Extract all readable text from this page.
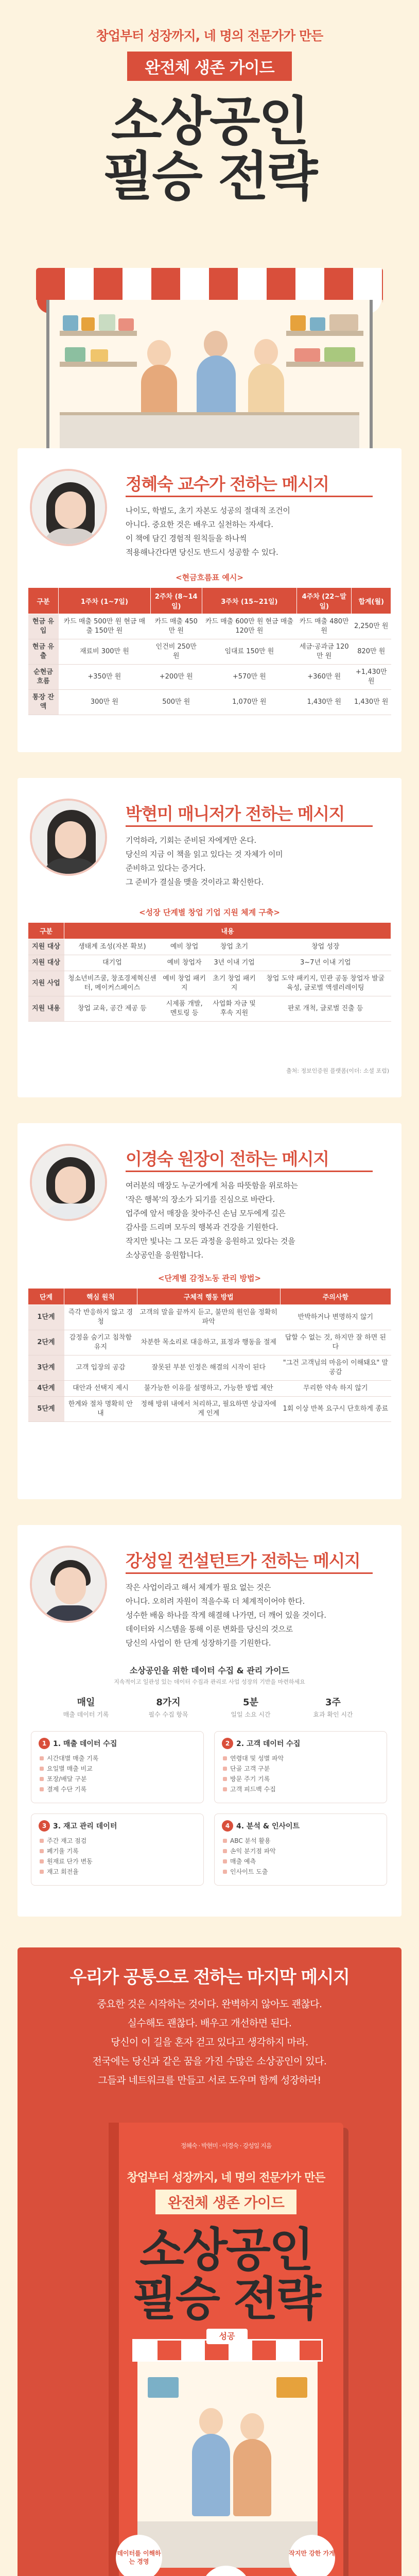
창업부터 성장까지, 네 명의 전문가가 만든
완전체 생존 가이드
소상공인
필승 전략
정혜숙 교수가 전하는 메시지
나이도, 학벌도, 초기 자본도 성공의 절대적 조건이
아니다. 중요한 것은 배우고 실천하는 자세다.
이 책에 담긴 경험적 원칙들을 하나씩
적용해나간다면 당신도 반드시 성공할 수 있다.
<현금흐름표 예시>
구분	1주차 (1~7일)	2주차 (8~14일)	3주차 (15~21일)	4주차 (22~말일)	합계(월)
현금 유입	카드 매출 500만 원 현금 매출 150만 원	카드 매출 450만 원	카드 매출 600만 원 현금 매출 120만 원	카드 매출 480만 원	2,250만 원
현금 유출	재료비 300만 원	인건비 250만 원	임대료 150만 원	세금·공과금 120만 원	820만 원
순현금 흐름	+350만 원	+200만 원	+570만 원	+360만 원	+1,430만 원
통장 잔액	300만 원	500만 원	1,070만 원	1,430만 원	1,430만 원
박현미 매니저가 전하는 메시지
기억하라, 기회는 준비된 자에게만 온다.
당신의 지금 이 책을 읽고 있다는 것 자체가 이미
준비하고 있다는 증거다.
그 준비가 결실을 맺을 것이라고 확신한다.
<성장 단계별 창업 기업 지원 체계 구축>
구분	내용			
지원 대상	생태계 조성(자본 확보)	예비 창업	창업 초기	창업 성장
지원 대상	대기업	예비 창업자	3년 이내 기업	3~7년 이내 기업
지원 사업	청소년비즈쿨, 창조경제혁신센터, 메이커스페이스	예비 창업 패키지	초기 창업 패키지	창업 도약 패키지, 민관 공동 창업자 발굴 육성, 글로벌 액셀러레이팅
지원 내용	창업 교육, 공간 제공 등	시제품 개발, 멘토링 등	사업화 자금 및 후속 지원	판로 개척, 글로벌 진출 등
출처: 정보인증원 플랫폼(이더: 소셜 포럼)
이경숙 원장이 전하는 메시지
여러분의 매장도 누군가에게 처음 따뜻함을 위로하는
'작은 행복'의 장소가 되기를 진심으로 바란다.
업주에 앞서 매장을 찾아주신 손님 모두에게 깊은
감사를 드리며 모두의 행복과 건강을 기원한다.
작지만 빛나는 그 모든 과정을 응원하고 있다는 것을
소상공인을 응원합니다.
<단계별 감정노동 관리 방법>
단계	핵심 원칙	구체적 행동 방법	주의사항
1단계	즉각 반응하지 않고 경청	고객의 말을 끝까지 듣고, 불만의 원인을 정확히 파악	반박하거나 변명하지 않기
2단계	감정을 숨기고 침착함 유지	차분한 목소리로 대응하고, 표정과 행동을 절제	답할 수 없는 것, 하지만 잘 하면 된다
3단계	고객 입장의 공감	잘못된 부분 인정은 해결의 시작이 된다	"그건 고객님의 마음이 이해돼요" 말 공감
4단계	대안과 선택지 제시	불가능한 이유를 설명하고, 가능한 방법 제안	무리한 약속 하지 않기
5단계	한계와 절차 명확히 안내	정해 방위 내에서 처리하고, 필요하면 상급자에게 인계	1회 이상 반복 요구시 단호하게 종료
강성일 컨설턴트가 전하는 메시지
작은 사업이라고 해서 체계가 필요 없는 것은
아니다. 오히려 자원이 적을수록 더 체계적이어야 한다.
성수한 배움 하나를 작게 해결해 나가면, 더 깨어 있을 것이다.
데이터와 시스템을 통해 이룬 변화를 당신의 것으로
당신의 사업이 한 단계 성장하기를 기원한다.
소상공인을 위한 데이터 수집 & 관리 가이드
지속적이고 일관성 있는 데이터 수집과 관리로 사업 성장의 기반을 마련하세요
매일
매출 데이터 기록
8가지
필수 수집 항목
5분
일일 소요 시간
3주
효과 확인 시간
1 1. 매출 데이터 수집
시간대별 매출 기록
요일별 매출 비교
포장/배달 구분
결제 수단 기록
2 2. 고객 데이터 수집
연령대 및 성별 파악
단골 고객 구분
방문 주기 기록
고객 피드백 수집
3 3. 재고 관리 데이터
주간 재고 점검
폐기율 기록
원재료 단가 변동
재고 회전율
4 4. 분석 & 인사이트
ABC 분석 활용
손익 분기점 파악
매출 예측
인사이트 도출
우리가 공통으로 전하는 마지막 메시지
중요한 것은 시작하는 것이다. 완벽하지 않아도 괜찮다.
실수해도 괜찮다. 배우고 개선하면 된다.
당신이 이 길을 혼자 걷고 있다고 생각하지 마라.
전국에는 당신과 같은 꿈을 가진 수많은 소상공인이 있다.
그들과 네트워크를 만들고 서로 도우며 함께 성장하라!
정혜숙 · 박현미 · 이경숙 · 강성일 지음
창업부터 성장까지, 네 명의 전문가가 만든
완전체 생존 가이드
소상공인
필승 전략
데이터를 이해하는 경영
작지만 강한 가게
성공
